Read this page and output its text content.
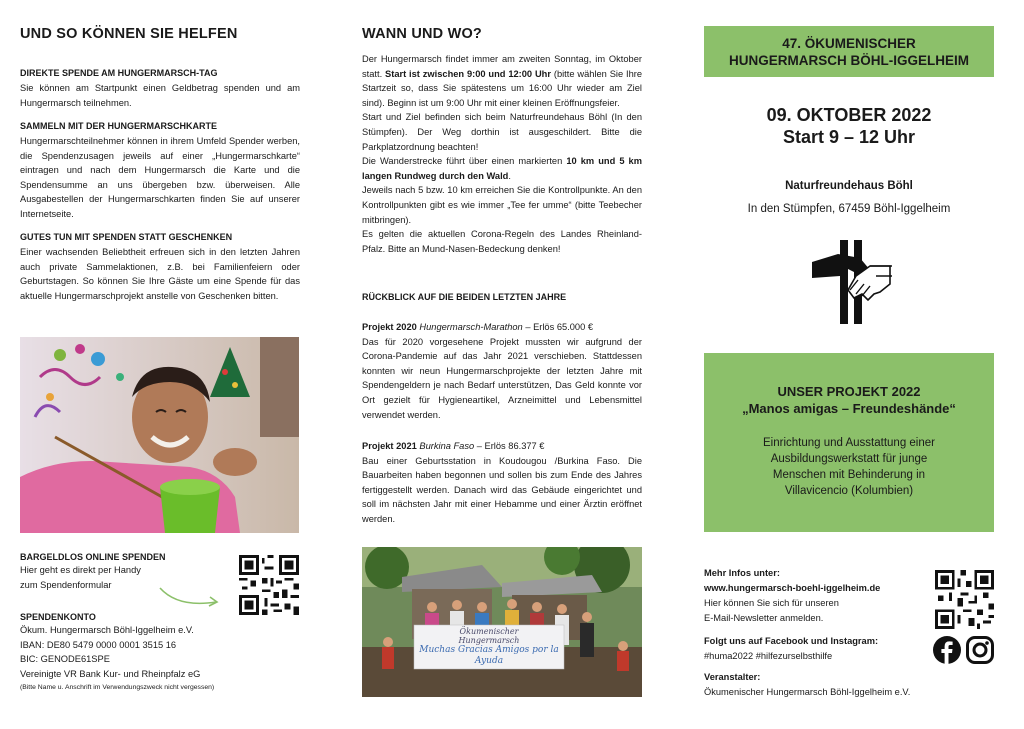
UND SO KÖNNEN SIE HELFEN
DIREKTE SPENDE AM HUNGERMARSCH-TAG
Sie können am Startpunkt einen Geldbetrag spenden und am Hungermarsch teilnehmen.
SAMMELN MIT DER HUNGERMARSCHKARTE
Hungermarschteilnehmer können in ihrem Umfeld Spender werben, die Spendenzusagen jeweils auf einer „Hungermarschkarte“ eintragen und nach dem Hungermarsch die Karte und die Spendensumme an uns übergeben bzw. überweisen. Alle Ausgabestellen der Hungermarschkarten finden Sie auf unserer Internetseite.
GUTES TUN MIT SPENDEN STATT GESCHENKEN
Einer wachsenden Beliebtheit erfreuen sich in den letzten Jahren auch private Sammelaktionen, z.B. bei Familienfeiern oder Geburtstagen. So können Sie Ihre Gäste um eine Spende für das aktuelle Hungermarschprojekt anstelle von Geschenken bitten.
BARGELDLOS ONLINE SPENDEN
Hier geht es direkt per Handy
zum Spendenformular
SPENDENKONTO
Ökum. Hungermarsch Böhl-Iggelheim e.V.
IBAN: DE80 5479 0000 0001 3515 16
BIC: GENODE61SPE
Vereinigte VR Bank Kur- und Rheinpfalz eG
(Bitte Name u. Anschrift im Verwendungszweck nicht vergessen)
WANN UND WO?
Der Hungermarsch findet immer am zweiten Sonntag, im Oktober statt. Start ist zwischen 9:00 und 12:00 Uhr (bitte wählen Sie Ihre Startzeit so, dass Sie spätestens um 16:00 Uhr wieder am Ziel sind). Beginn ist um 9:00 Uhr mit einer kleinen Eröffnungsfeier.
Start und Ziel befinden sich beim Naturfreundehaus Böhl (In den Stümpfen). Der Weg dorthin ist ausgeschildert. Bitte die Parkplatzordnung beachten!
Die Wanderstrecke führt über einen markierten 10 km und 5 km langen Rundweg durch den Wald.
Jeweils nach 5 bzw. 10 km erreichen Sie die Kontrollpunkte. An den Kontrollpunkten gibt es wie immer „Tee fer umme“ (bitte Teebecher mitbringen).
Es gelten die aktuellen Corona-Regeln des Landes Rheinland-Pfalz. Bitte an Mund-Nasen-Bedeckung denken!
RÜCKBLICK AUF DIE BEIDEN LETZTEN JAHRE
Projekt 2020 Hungermarsch-Marathon – Erlös 65.000 €
Das für 2020 vorgesehene Projekt mussten wir aufgrund der Corona-Pandemie auf das Jahr 2021 verschieben. Stattdessen konnten wir neun Hungermarschprojekte der letzten Jahre mit Spendengeldern je nach Bedarf unterstützen, Das Geld konnte vor Ort gezielt für Hygieneartikel, Arzneimittel und Lebensmittel verwendet werden.
Projekt 2021 Burkina Faso – Erlös 86.377 €
Bau einer Geburtsstation in Koudougou /Burkina Faso. Die Bauarbeiten haben begonnen und sollen bis zum Ende des Jahres fertiggestellt werden. Danach wird das Gebäude eingerichtet und soll im nächsten Jahr mit einer Hebamme und einer Ärztin eröffnet werden.
Ökumenischer
Hungermarsch
Muchas Gracias Amigos por la Ayuda
47. ÖKUMENISCHER
HUNGERMARSCH BÖHL-IGGELHEIM
09. OKTOBER 2022
Start 9 – 12 Uhr
Naturfreundehaus Böhl
In den Stümpfen, 67459 Böhl-Iggelheim
UNSER PROJEKT 2022
„Manos amigas – Freundeshände“
Einrichtung und Ausstattung einer Ausbildungswerkstatt für junge Menschen mit Behinderung in Villavicencio (Kolumbien)
Mehr Infos unter:
www.hungermarsch-boehl-iggelheim.de
Hier können Sie sich für unseren
E-Mail-Newsletter anmelden.
Folgt uns auf Facebook und Instagram:
#huma2022 #hilfezurselbsthilfe
Veranstalter:
Ökumenischer Hungermarsch Böhl-Iggelheim e.V.
